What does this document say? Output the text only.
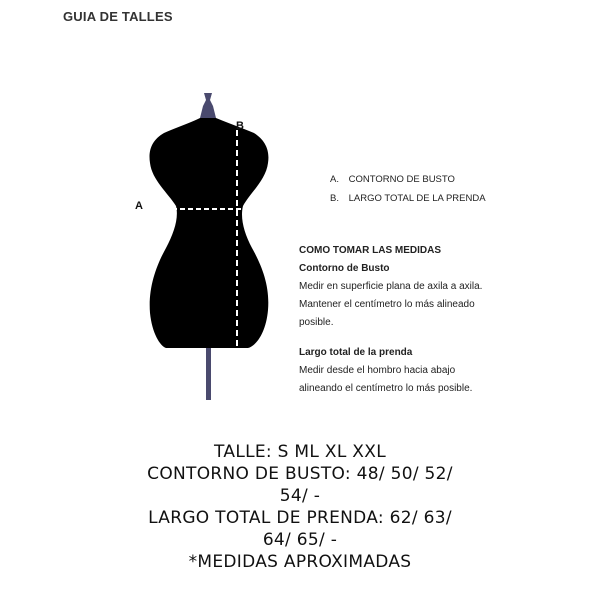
GUIA DE TALLES
A
B
A. CONTORNO DE BUSTO
B. LARGO TOTAL DE LA PRENDA
COMO TOMAR LAS MEDIDAS
Contorno de Busto
Medir en superficie plana de axila a axila.
Mantener el centímetro lo más alineado
posible.
Largo total de la prenda
Medir desde el hombro hacia abajo
alineando el centímetro lo más posible.
TALLE: S ML XL XXL
CONTORNO DE BUSTO: 48/ 50/ 52/
54/ -
LARGO TOTAL DE PRENDA: 62/ 63/
64/ 65/ -
*MEDIDAS APROXIMADAS
